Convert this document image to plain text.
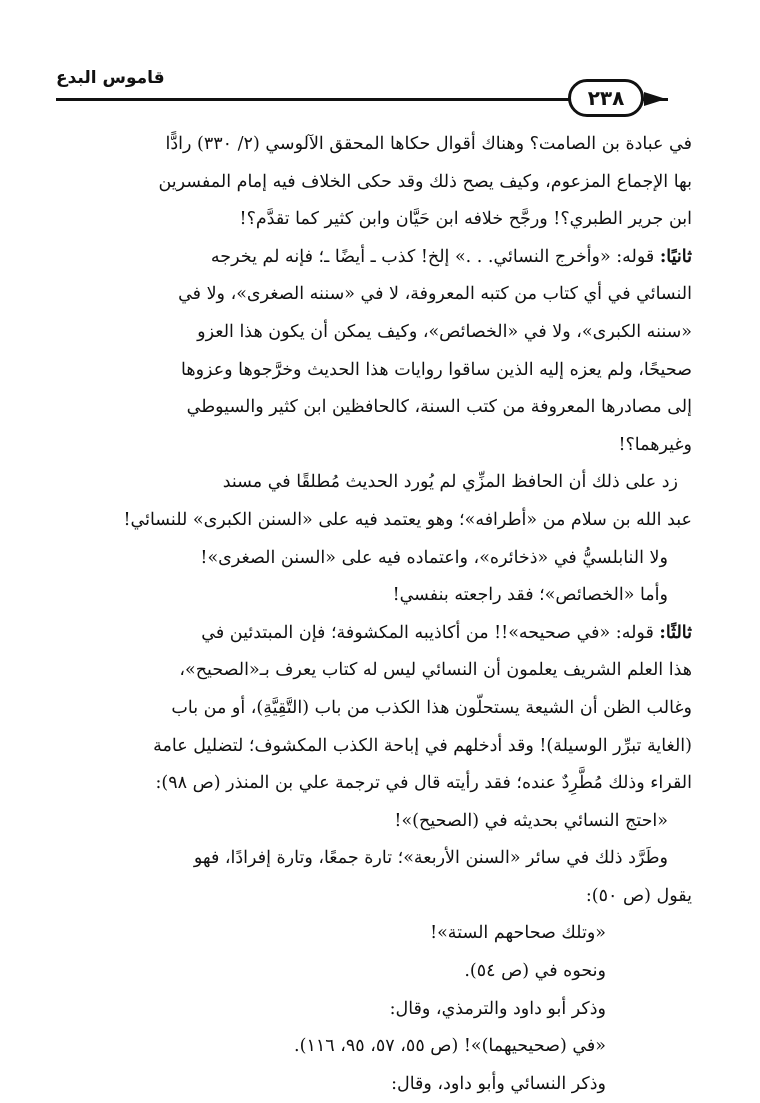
قاموس البدع
٢٣٨
في عبادة بن الصامت؟ وهناك أقوال حكاها المحقق الآلوسي (٢/ ٣٣٠) رادًّا
بها الإجماع المزعوم، وكيف يصح ذلك وقد حكى الخلاف فيه إمام المفسرين
ابن جرير الطبري؟! ورجَّح خلافه ابن حَيَّان وابن كثير كما تقدَّم؟!
ثانيًا: قوله: «وأخرج النسائي. . .» إلخ! كذب ـ أيضًا ـ؛ فإنه لم يخرجه
النسائي في أي كتاب من كتبه المعروفة، لا في «سننه الصغرى»، ولا في
«سننه الكبرى»، ولا في «الخصائص»، وكيف يمكن أن يكون هذا العزو
صحيحًا، ولم يعزه إليه الذين ساقوا روايات هذا الحديث وخرَّجوها وعزوها
إلى مصادرها المعروفة من كتب السنة، كالحافظين ابن كثير والسيوطي
وغيرهما؟!
زد على ذلك أن الحافظ المزِّي لم يُورد الحديث مُطلقًا في مسند
عبد الله بن سلام من «أطرافه»؛ وهو يعتمد فيه على «السنن الكبرى» للنسائي!
ولا النابلسيُّ في «ذخائره»، واعتماده فيه على «السنن الصغرى»!
وأما «الخصائص»؛ فقد راجعته بنفسي!
ثالثًا: قوله: «في صحيحه»!! من أكاذيبه المكشوفة؛ فإن المبتدئين في
هذا العلم الشريف يعلمون أن النسائي ليس له كتاب يعرف بـ«الصحيح»،
وغالب الظن أن الشيعة يستحلّون هذا الكذب من باب (التَّقِيَّةِ)، أو من باب
(الغاية تبرِّر الوسيلة)! وقد أدخلهم في إباحة الكذب المكشوف؛ لتضليل عامة
القراء وذلك مُطَّرِدٌ عنده؛ فقد رأيته قال في ترجمة علي بن المنذر (ص ٩٨):
«احتج النسائي بحديثه في (الصحيح)»!
وطَرَّد ذلك في سائر «السنن الأربعة»؛ تارة جمعًا، وتارة إفرادًا، فهو
يقول (ص ٥٠):
«وتلك صحاحهم الستة»!
ونحوه في (ص ٥٤).
وذكر أبو داود والترمذي، وقال:
«في (صحيحيهما)»! (ص ٥٥، ٥٧، ٩٥، ١١٦).
وذكر النسائي وأبو داود، وقال:
